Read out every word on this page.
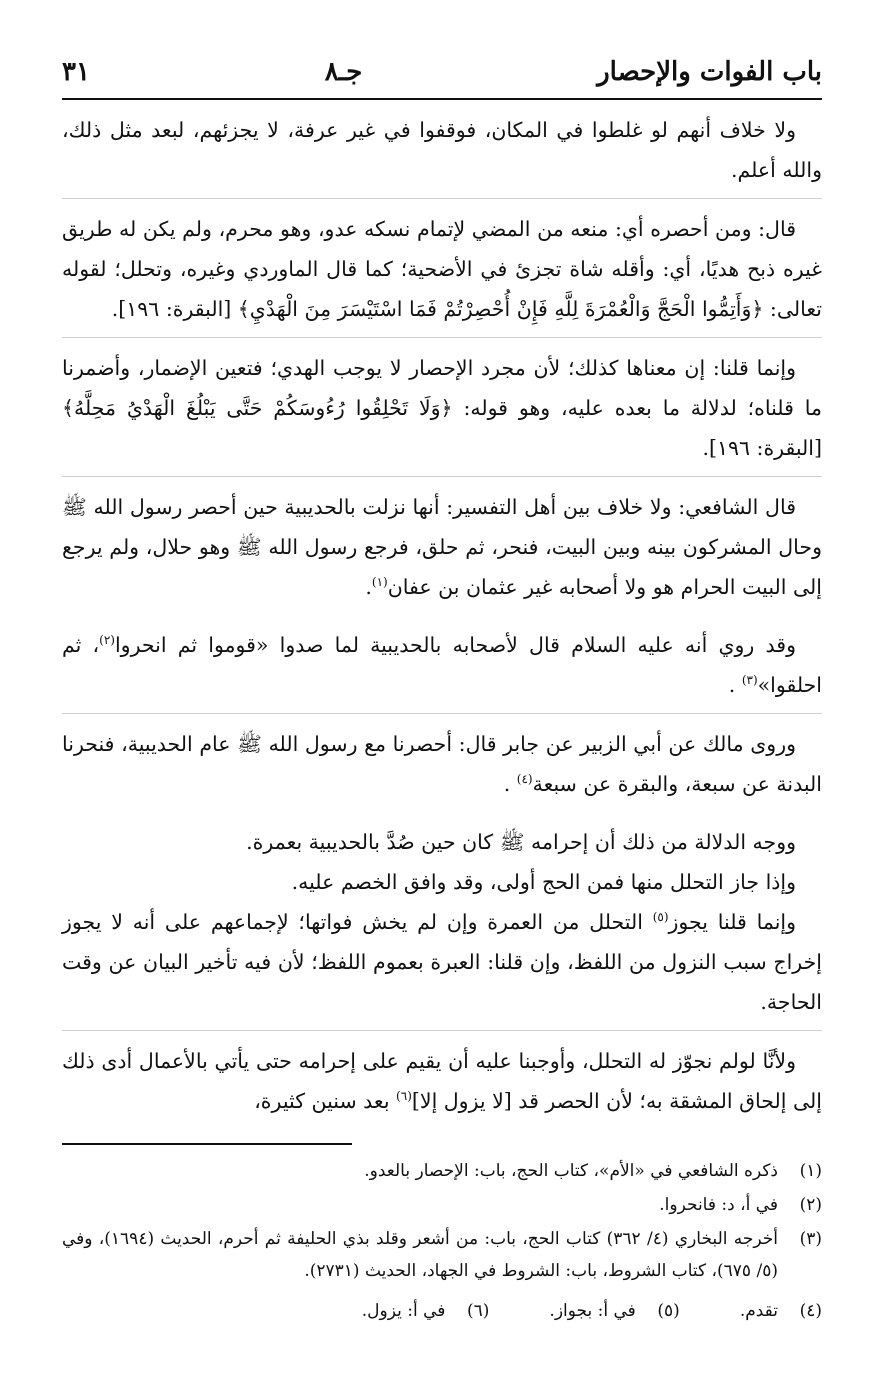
باب الفوات والإحصار
جـ٨
٣١

ولا خلاف أنهم لو غلطوا في المكان، فوقفوا في غير عرفة، لا يجزئهم، لبعد مثل ذلك، والله أعلم.

قال: ومن أحصره أي: منعه من المضي لإتمام نسكه عدو، وهو محرم، ولم يكن له طريق غيره ذبح هديًا، أي: وأقله شاة تجزئ في الأضحية؛ كما قال الماوردي وغيره، وتحلل؛ لقوله تعالى: ﴿وَأَتِمُّوا الْحَجَّ وَالْعُمْرَةَ لِلَّهِ فَإِنْ أُحْصِرْتُمْ فَمَا اسْتَيْسَرَ مِنَ الْهَدْيِ﴾ [البقرة: ١٩٦].

وإنما قلنا: إن معناها كذلك؛ لأن مجرد الإحصار لا يوجب الهدي؛ فتعين الإضمار، وأضمرنا ما قلناه؛ لدلالة ما بعده عليه، وهو قوله: ﴿وَلَا تَحْلِقُوا رُءُوسَكُمْ حَتَّى يَبْلُغَ الْهَدْيُ مَحِلَّهُ﴾ [البقرة: ١٩٦].

قال الشافعي: ولا خلاف بين أهل التفسير: أنها نزلت بالحديبية حين أحصر رسول الله ﷺ وحال المشركون بينه وبين البيت، فنحر، ثم حلق، فرجع رسول الله ﷺ وهو حلال، ولم يرجع إلى البيت الحرام هو ولا أصحابه غير عثمان بن عفان$^{(١)}$.

وقد روي أنه عليه السلام قال لأصحابه بالحديبية لما صدوا «قوموا ثم انحروا$^{(٢)}$، ثم احلقوا»$^{(٣)}$ .

وروى مالك عن أبي الزبير عن جابر قال: أحصرنا مع رسول الله ﷺ عام الحديبية، فنحرنا البدنة عن سبعة، والبقرة عن سبعة$^{(٤)}$ .

ووجه الدلالة من ذلك أن إحرامه ﷺ كان حين صُدَّ بالحديبية بعمرة.

وإذا جاز التحلل منها فمن الحج أولى، وقد وافق الخصم عليه.

وإنما قلنا يجوز$^{(٥)}$ التحلل من العمرة وإن لم يخش فواتها؛ لإجماعهم على أنه لا يجوز إخراج سبب النزول من اللفظ، وإن قلنا: العبرة بعموم اللفظ؛ لأن فيه تأخير البيان عن وقت الحاجة.

ولأنَّا لولم نجوّز له التحلل، وأوجبنا عليه أن يقيم على إحرامه حتى يأتي بالأعمال أدى ذلك إلى إلحاق المشقة به؛ لأن الحصر قد [لا يزول إلا]$^{(٦)}$ بعد سنين كثيرة،

(١)
ذكره الشافعي في «الأم»، كتاب الحج، باب: الإحصار بالعدو.
(٢)
في أ، د: فانحروا.
(٣)
أخرجه البخاري (٤/ ٣٦٢) كتاب الحج، باب: من أشعر وقلد بذي الحليفة ثم أحرم، الحديث (١٦٩٤)، وفي (٥/ ٦٧٥)، كتاب الشروط، باب: الشروط في الجهاد، الحديث (٢٧٣١).
(٤)
تقدم.
(٥)
في أ: بجواز.
(٦)
في أ: يزول.
